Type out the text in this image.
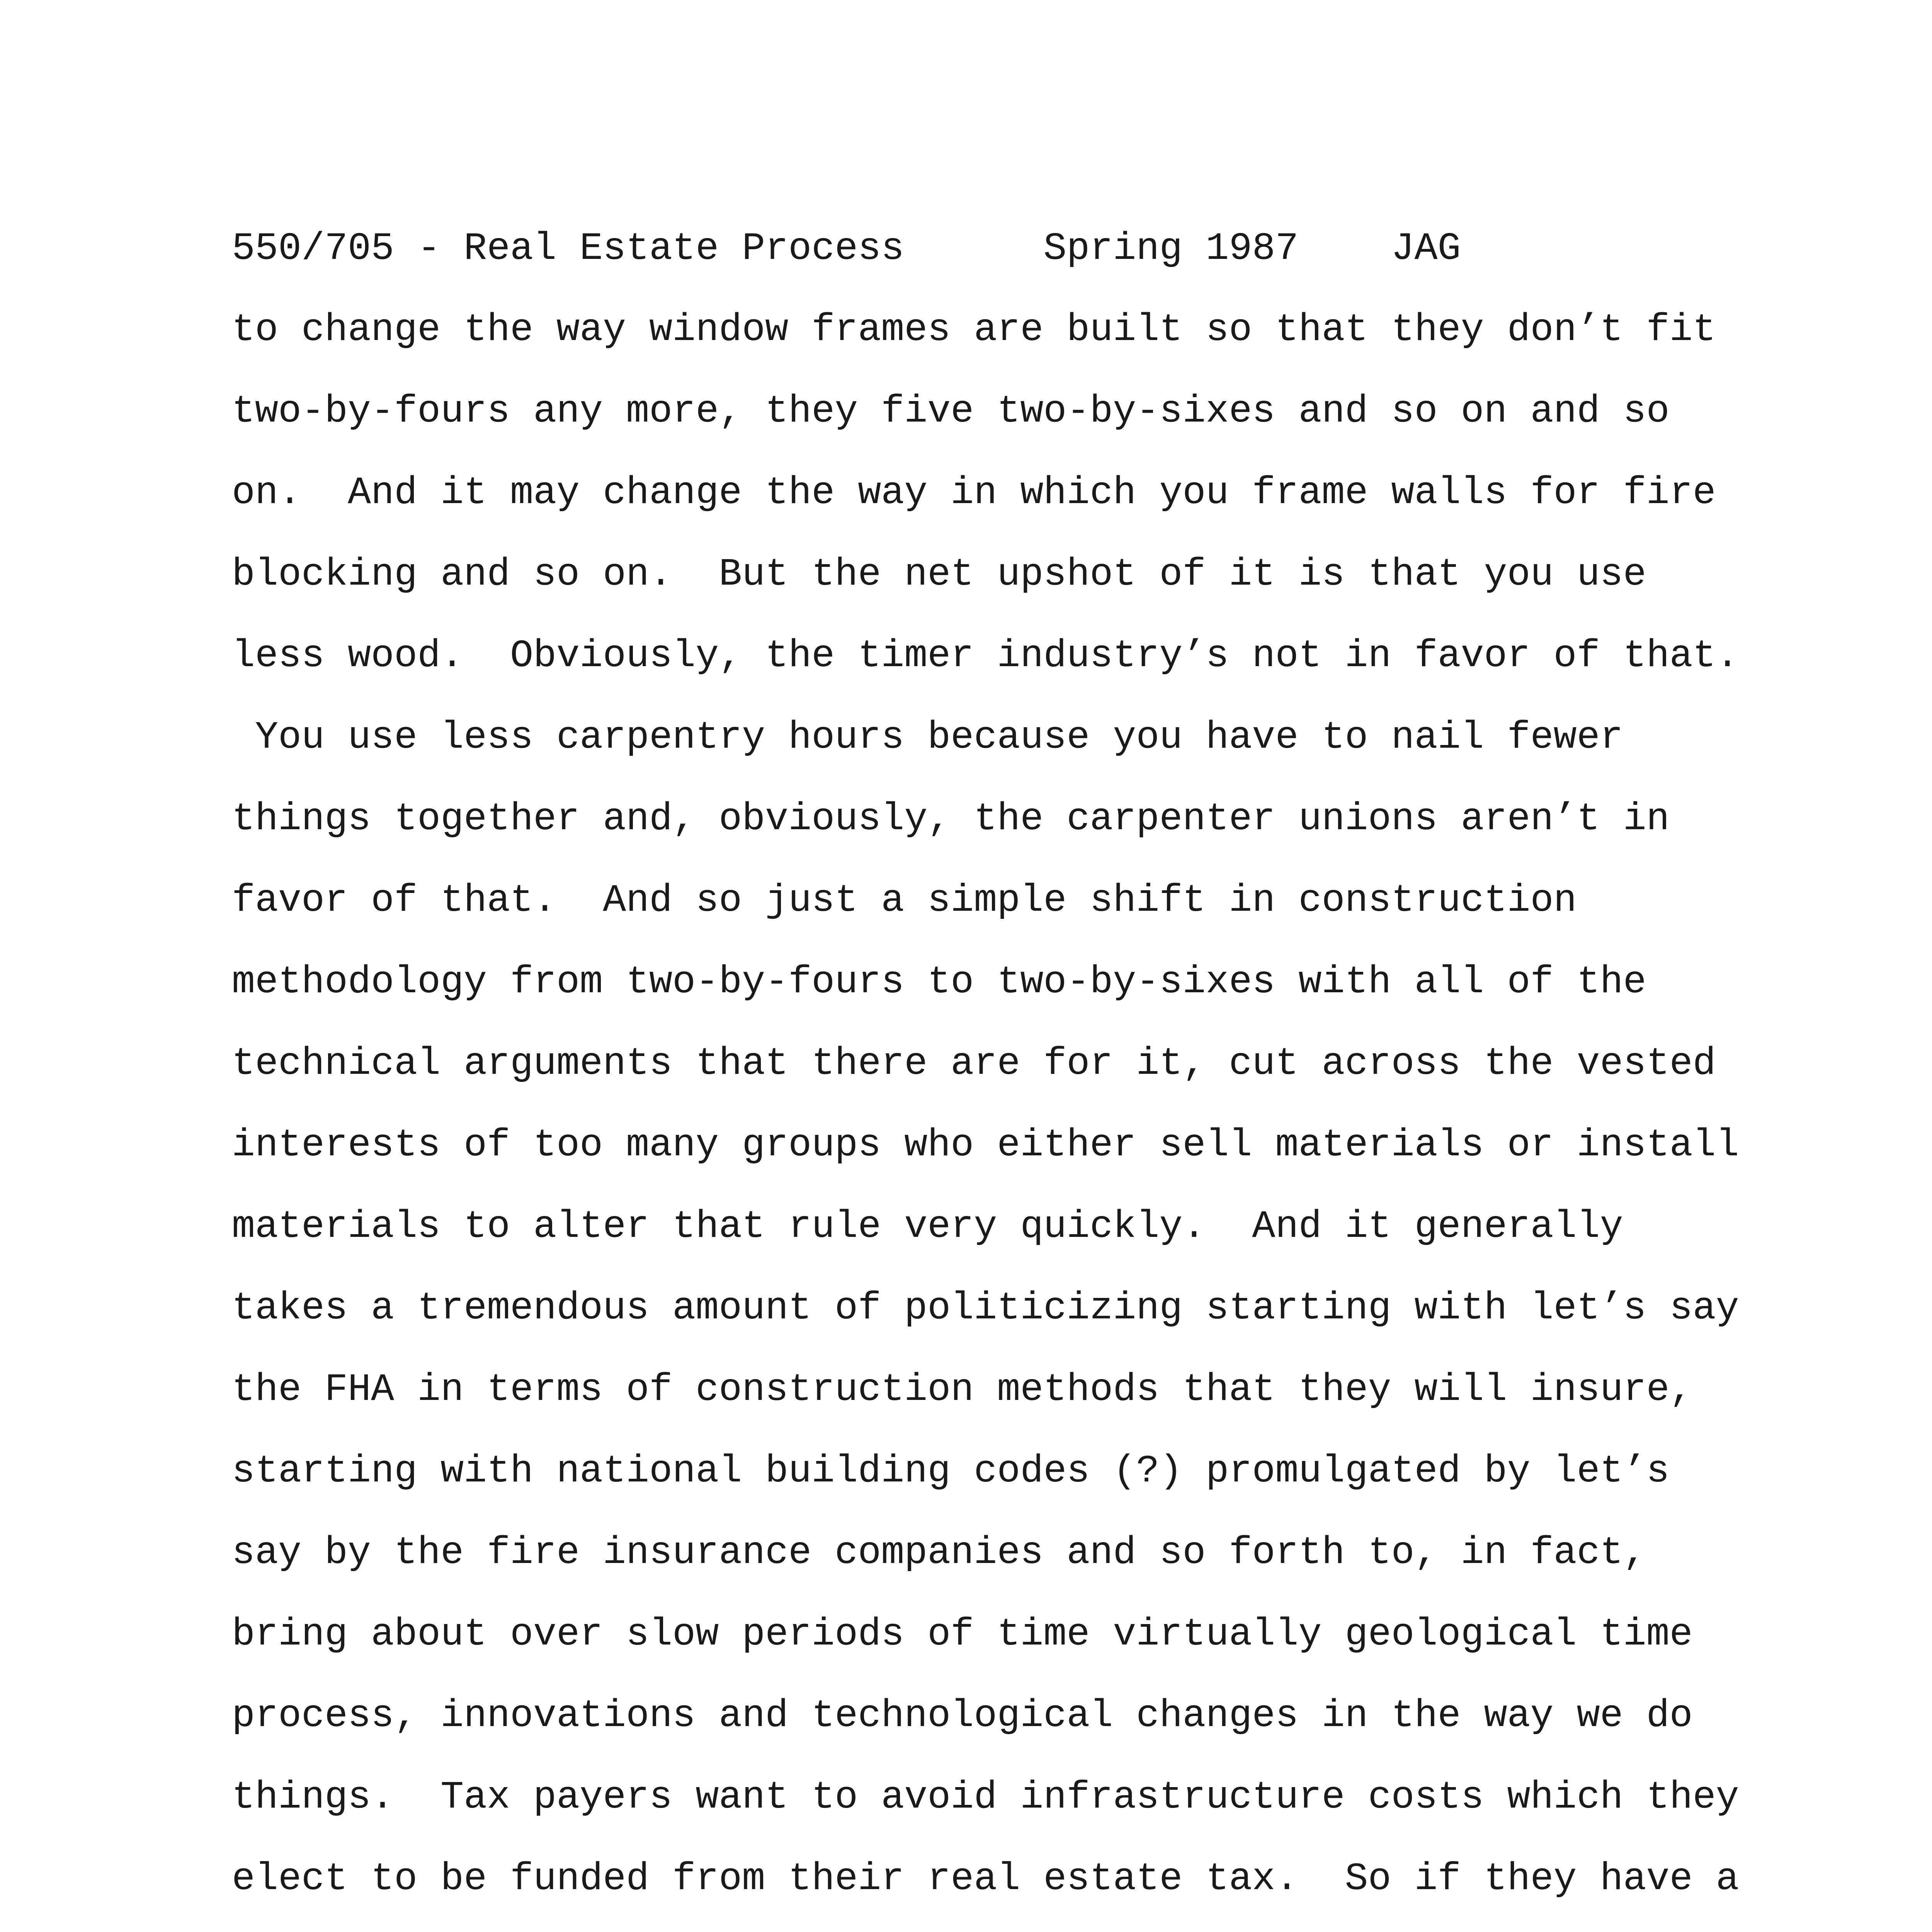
550/705 - Real Estate Process	Spring 1987 JAG

to change the way window frames are built so that they don’t fit
two-by-fours any more, they five two-by-sixes and so on and so
on.  And it may change the way in which you frame walls for fire
blocking and so on.  But the net upshot of it is that you use
less wood.  Obviously, the timer industry’s not in favor of that.
You use less carpentry hours because you have to nail fewer
things together and, obviously, the carpenter unions aren’t in
favor of that.  And so just a simple shift in construction
methodology from two-by-fours to two-by-sixes with all of the
technical arguments that there are for it, cut across the vested
interests of too many groups who either sell materials or install
materials to alter that rule very quickly.  And it generally
takes a tremendous amount of politicizing starting with let’s say
the FHA in terms of construction methods that they will insure,
starting with national building codes (?) promulgated by let’s
say by the fire insurance companies and so forth to, in fact,
bring about over slow periods of time virtually geological time
process, innovations and technological changes in the way we do
things.  Tax payers want to avoid infrastructure costs which they
elect to be funded from their real estate tax.  So if they have a
